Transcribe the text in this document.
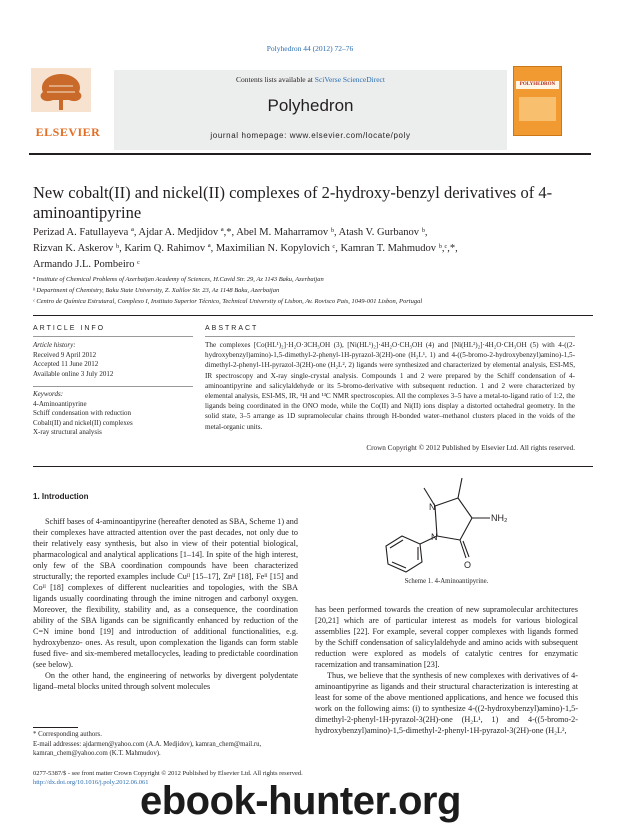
Polyhedron 44 (2012) 72–76
ELSEVIER
Contents lists available at SciVerse ScienceDirect
Polyhedron
journal homepage: www.elsevier.com/locate/poly
POLYHEDRON
New cobalt(II) and nickel(II) complexes of 2-hydroxy-benzyl derivatives of 4-aminoantipyrine
Perizad A. Fatullayeva ª, Ajdar A. Medjidov ª,*, Abel M. Maharramov ᵇ, Atash V. Gurbanov ᵇ,
Rizvan K. Askerov ᵇ, Karim Q. Rahimov ª, Maximilian N. Kopylovich ᶜ, Kamran T. Mahmudov ᵇ,ᶜ,*,
Armando J.L. Pombeiro ᶜ
ª Institute of Chemical Problems of Azerbaijan Academy of Sciences, H.Cavid Str. 29, Az 1143 Baku, Azerbaijan
ᵇ Department of Chemistry, Baku State University, Z. Xalilov Str. 23, Az 1148 Baku, Azerbaijan
ᶜ Centro de Química Estrutural, Complexo I, Instituto Superior Técnico, Technical University of Lisbon, Av. Rovisco Pais, 1049-001 Lisbon, Portugal
ARTICLE INFO	ABSTRACT
Article history:
Received 9 April 2012
Accepted 11 June 2012
Available online 3 July 2012
Keywords:
4-Aminoantipyrine
Schiff condensation with reduction
Cobalt(II) and nickel(II) complexes
X-ray structural analysis
The complexes [Co(HL¹)₂]·H₂O·3CH₃OH (3), [Ni(HL¹)₂]·4H₂O·CH₃OH (4) and [Ni(HL²)₂]·4H₂O·CH₃OH (5) with 4-((2-hydroxybenzyl)amino)-1,5-dimethyl-2-phenyl-1H-pyrazol-3(2H)-one (H₂L¹, 1) and 4-((5-bromo-2-hydroxybenzyl)amino)-1,5-dimethyl-2-phenyl-1H-pyrazol-3(2H)-one (H₂L², 2) ligands were synthesized and characterized by elemental analysis, ESI-MS, IR spectroscopy and X-ray single-crystal analysis. Compounds 1 and 2 were prepared by the Schiff condensation of 4-aminoantipyrine and salicylaldehyde or its 5-bromo-derivative with subsequent reduction. 1 and 2 were characterized by elemental analysis, ESI-MS, IR, ¹H and ¹³C NMR spectroscopies. All the complexes 3–5 have a metal-to-ligand ratio of 1:2, the ligands being coordinated in the ONO mode, while the Co(II) and Ni(II) ions display a distorted octahedral geometry. In the solid state, 3–5 arrange as 1D supramolecular chains through H-bonded water–methanol clusters placed in the voids of the metal-organic units.
Crown Copyright © 2012 Published by Elsevier Ltd. All rights reserved.
1. Introduction

Schiff bases of 4-aminoantipyrine (hereafter denoted as SBA, Scheme 1) and their complexes have attracted attention over the past decades, not only due to their relatively easy synthesis, but also in view of their potential biological, pharmacological and analytical applications [1–14]. In spite of the high interest, only few of the SBA coordination compounds have been characterized structurally; the reported examples include Cuᴵᴵ [15–17], Znᴵᴵ [18], Feᴵᴵ [15] and Coᴵᴵ [18] complexes of different nuclearities and topologies, with the SBA ligands usually coordinating through the imine nitrogen and carbonyl oxygen. Moreover, the flexibility, stability and, as a consequence, the coordination ability of the SBA ligands can be significantly enhanced by reduction of the C=N imine bond [19] and introduction of additional functionalities, e.g. hydroxybenzo- ones. As result, upon complexation the ligands can form stable fused five- and six-membered metallocycles, leading to predictable coordination (see below).

On the other hand, the engineering of networks by divergent polydentate ligand–metal blocks united through solvent molecules

N
N
O
NH₂
Scheme 1. 4-Aminoantipyrine.

has been performed towards the creation of new supramolecular architectures [20,21] which are of particular interest as models for various biological assemblies [22]. For example, several copper complexes with ligands formed by the Schiff condensation of salicylaldehyde and amino acids with subsequent reduction were explored as models of catalytic centres for enzymatic racemization and transamination [23].

Thus, we believe that the synthesis of new complexes with derivatives of 4-aminoantipyrine as ligands and their structural characterization is interesting at least for some of the above mentioned applications, and hence we focused this work on the following aims: (i) to synthesize 4-((2-hydroxybenzyl)amino)-1,5-dimethyl-2-phenyl-1H-pyrazol-3(2H)-one (H₂L¹, 1) and 4-((5-bromo-2-hydroxybenzyl)amino)-1,5-dimethyl-2-phenyl-1H-pyrazol-3(2H)-one (H₂L²,

* Corresponding authors.
E-mail addresses: ajdarmen@yahoo.com (A.A. Medjidov), kamran_chem@mail.ru, kamran_chem@yahoo.com (K.T. Mahmudov).
0277-5387/$ - see front matter Crown Copyright © 2012 Published by Elsevier Ltd. All rights reserved.
http://dx.doi.org/10.1016/j.poly.2012.06.061
ebook-hunter.org
